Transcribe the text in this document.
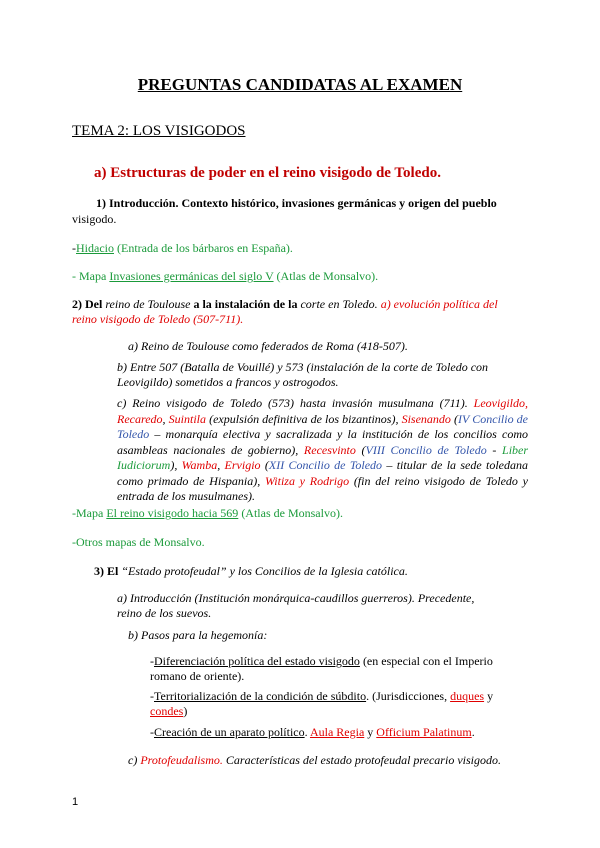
PREGUNTAS CANDIDATAS AL EXAMEN
TEMA 2: LOS VISIGODOS
a) Estructuras de poder en el reino visigodo de Toledo.
1) Introducción. Contexto histórico, invasiones germánicas y origen del pueblo
visigodo.
-Hidacio (Entrada de los bárbaros en España).
- Mapa Invasiones germánicas del siglo V (Atlas de Monsalvo).
2) Del reino de Toulouse a la instalación de la corte en Toledo. a) evolución política del
reino visigodo de Toledo (507-711).
a) Reino de Toulouse como federados de Roma (418-507).
b) Entre 507 (Batalla de Vouillé) y 573 (instalación de la corte de Toledo con
Leovigildo) sometidos a francos y ostrogodos.
c) Reino visigodo de Toledo (573) hasta invasión musulmana (711). Leovigildo, Recaredo, Suintila (expulsión definitiva de los bizantinos), Sisenando (IV Concilio de Toledo – monarquía electiva y sacralizada y la institución de los concilios como asambleas nacionales de gobierno), Recesvinto (VIII Concilio de Toledo - Liber Iudiciorum), Wamba, Ervigio (XII Concilio de Toledo – titular de la sede toledana como primado de Hispania), Witiza y Rodrigo (fin del reino visigodo de Toledo y entrada de los musulmanes).
-Mapa El reino visigodo hacia 569 (Atlas de Monsalvo).
-Otros mapas de Monsalvo.
3) El “Estado protofeudal” y los Concilios de la Iglesia católica.
a) Introducción (Institución monárquica-caudillos guerreros). Precedente,
reino de los suevos.
b) Pasos para la hegemonía:
-Diferenciación política del estado visigodo (en especial con el Imperio
romano de oriente).
-Territorialización de la condición de súbdito. (Jurisdicciones, duques y
condes)
-Creación de un aparato político. Aula Regia y Officium Palatinum.
c) Protofeudalismo. Características del estado protofeudal precario visigodo.
1
